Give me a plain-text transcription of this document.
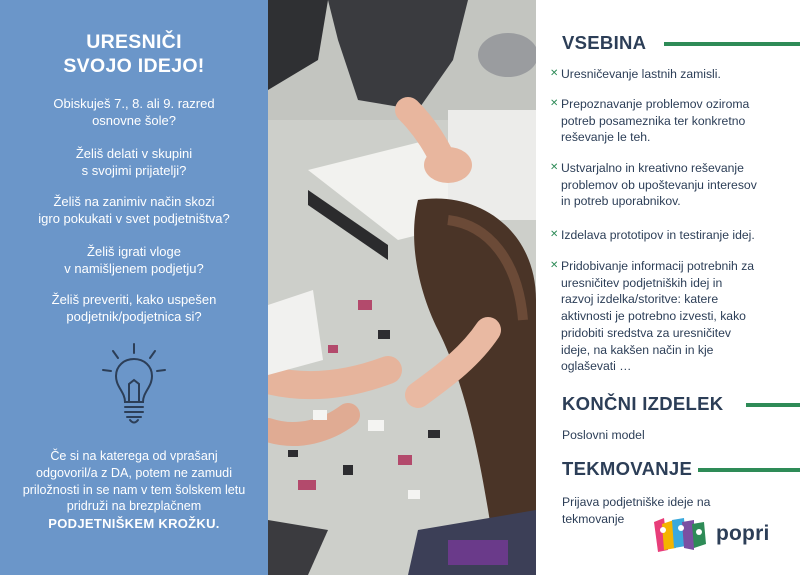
URESNIČI
SVOJO IDEJO!
Obiskuješ 7., 8. ali 9. razred
osnovne šole?
Želiš delati v skupini
s svojimi prijatelji?
Želiš na zanimiv način skozi
igro pokukati v svet podjetništva?
Želiš igrati vloge
v namišljenem podjetju?
Želiš preveriti, kako uspešen
podjetnik/podjetnica si?
Če si na katerega od vprašanj
odgovoril/a z DA, potem ne zamudi
priložnosti in se nam v tem šolskem letu
pridruži na brezplačnem
PODJETNIŠKEM KROŽKU.
VSEBINA
✕ Uresničevanje lastnih zamisli.
✕ Prepoznavanje problemov oziroma
potreb posameznika ter konkretno
reševanje le teh.
✕ Ustvarjalno in kreativno reševanje
problemov ob upoštevanju interesov
in potreb uporabnikov.
✕ Izdelava prototipov in testiranje idej.
✕ Pridobivanje informacij potrebnih za
uresničitev podjetniških idej in
razvoj izdelka/storitve: katere
aktivnosti je potrebno izvesti, kako
pridobiti sredstva za uresničitev
ideje, na kakšen način in kje
oglaševati …
KONČNI IZDELEK
Poslovni model
TEKMOVANJE
Prijava podjetniške ideje na
tekmovanje
popri
